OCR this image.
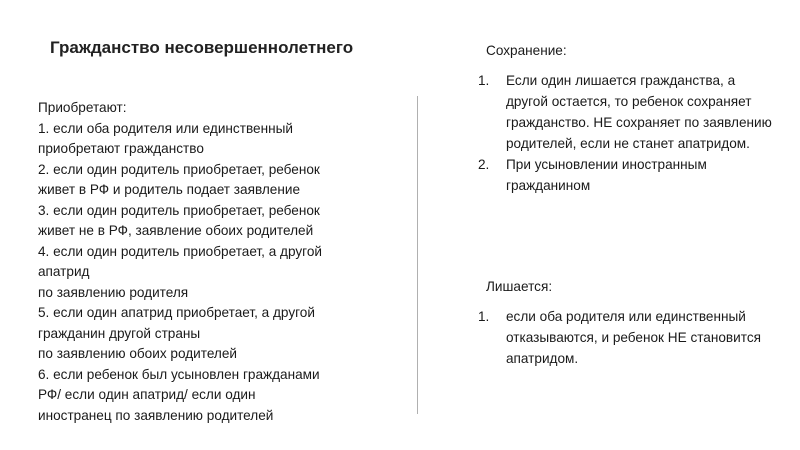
Гражданство несовершеннолетнего
Приобретают:
1. если оба родителя или единственный
приобретают гражданство
2. если один родитель приобретает, ребенок
живет в РФ и родитель подает заявление
3. если один родитель приобретает, ребенок
живет не в РФ, заявление обоих родителей
4. если один родитель приобретает, а другой
апатрид
по заявлению родителя
5. если один апатрид приобретает, а другой
гражданин другой страны
по заявлению обоих родителей
6. если ребенок был усыновлен гражданами
РФ/ если один апатрид/ если один
иностранец по заявлению родителей
Сохранение:
1. Если один лишается гражданства, а другой остается, то ребенок сохраняет гражданство. НЕ сохраняет по заявлению родителей, если не станет апатридом.
2. При усыновлении иностранным гражданином
Лишается:
1. если оба родителя или единственный отказываются, и ребенок НЕ становится апатридом.
